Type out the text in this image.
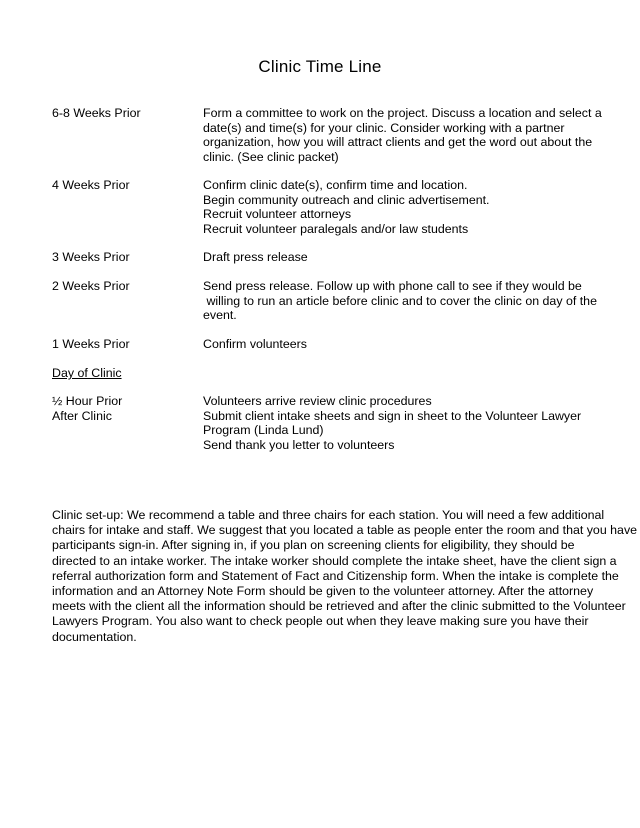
Clinic Time Line
6-8 Weeks Prior	Form a committee to work on the project. Discuss a location and select a
date(s) and time(s) for your clinic. Consider working with a partner
organization, how you will attract clients and get the word out about the
clinic. (See clinic packet)
4 Weeks Prior	Confirm clinic date(s), confirm time and location.
Begin community outreach and clinic advertisement.
Recruit volunteer attorneys
Recruit volunteer paralegals and/or law students
3 Weeks Prior	Draft press release
2 Weeks Prior	Send press release. Follow up with phone call to see if they would be
willing to run an article before clinic and to cover the clinic on day of the
event.
1 Weeks Prior	Confirm volunteers
Day of Clinic
½ Hour Prior	Volunteers arrive review clinic procedures
After Clinic	Submit client intake sheets and sign in sheet to the Volunteer Lawyer
Program (Linda Lund)
Send thank you letter to volunteers
Clinic set-up: We recommend a table and three chairs for each station. You will need a few additional
chairs for intake and staff. We suggest that you located a table as people enter the room and that you have
participants sign-in. After signing in, if you plan on screening clients for eligibility, they should be
directed to an intake worker. The intake worker should complete the intake sheet, have the client sign a
referral authorization form and Statement of Fact and Citizenship form. When the intake is complete the
information and an Attorney Note Form should be given to the volunteer attorney. After the attorney
meets with the client all the information should be retrieved and after the clinic submitted to the Volunteer
Lawyers Program. You also want to check people out when they leave making sure you have their
documentation.
